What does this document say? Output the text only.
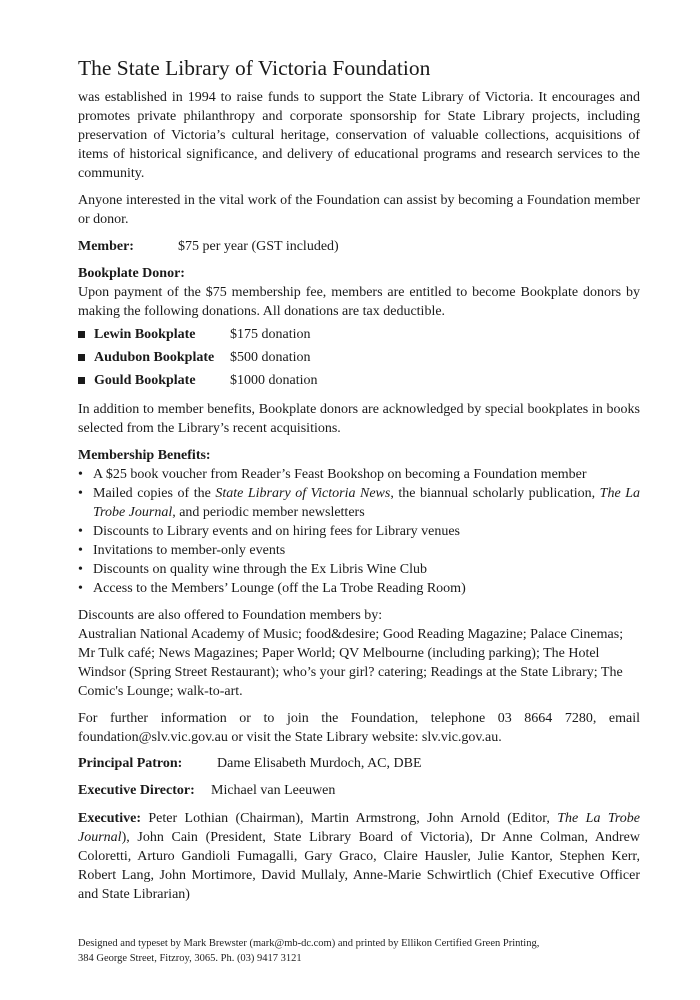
The State Library of Victoria Foundation

was established in 1994 to raise funds to support the State Library of Victoria. It encourages and promotes private philanthropy and corporate sponsorship for State Library projects, including preservation of Victoria’s cultural heritage, conservation of valuable collections, acquisitions of items of historical significance, and delivery of educational programs and research services to the community.

Anyone interested in the vital work of the Foundation can assist by becoming a Foundation member or donor.

Member:	$75 per year (GST included)
Bookplate Donor:

Upon payment of the $75 membership fee, members are entitled to become Bookplate donors by making the following donations. All donations are tax deductible.

Lewin Bookplate	$175 donation
Audubon Bookplate	$500 donation
Gould Bookplate	$1000 donation

In addition to member benefits, Bookplate donors are acknowledged by special bookplates in books selected from the Library’s recent acquisitions.

Membership Benefits:
• A $25 book voucher from Reader’s Feast Bookshop on becoming a Foundation member
• Mailed copies of the State Library of Victoria News, the biannual scholarly publication, The La Trobe Journal, and periodic member newsletters
• Discounts to Library events and on hiring fees for Library venues
• Invitations to member-only events
• Discounts on quality wine through the Ex Libris Wine Club
• Access to the Members’ Lounge (off the La Trobe Reading Room)
Discounts are also offered to Foundation members by:
Australian National Academy of Music; food&desire; Good Reading Magazine; Palace Cinemas; Mr Tulk café; News Magazines; Paper World; QV Melbourne (including parking); The Hotel Windsor (Spring Street Restaurant); who’s your girl? catering; Readings at the State Library; The Comic's Lounge; walk-to-art.

For further information or to join the Foundation, telephone 03 8664 7280, email foundation@slv.vic.gov.au or visit the State Library website: slv.vic.gov.au.

Principal Patron:	Dame Elisabeth Murdoch, AC, DBE
Executive Director:	Michael van Leeuwen

Executive: Peter Lothian (Chairman), Martin Armstrong, John Arnold (Editor, The La Trobe Journal), John Cain (President, State Library Board of Victoria), Dr Anne Colman, Andrew Coloretti, Arturo Gandioli Fumagalli, Gary Graco, Claire Hausler, Julie Kantor, Stephen Kerr, Robert Lang, John Mortimore, David Mullaly, Anne-Marie Schwirtlich (Chief Executive Officer and State Librarian)

Designed and typeset by Mark Brewster (mark@mb-dc.com) and printed by Ellikon Certified Green Printing,
384 George Street, Fitzroy, 3065. Ph. (03) 9417 3121
